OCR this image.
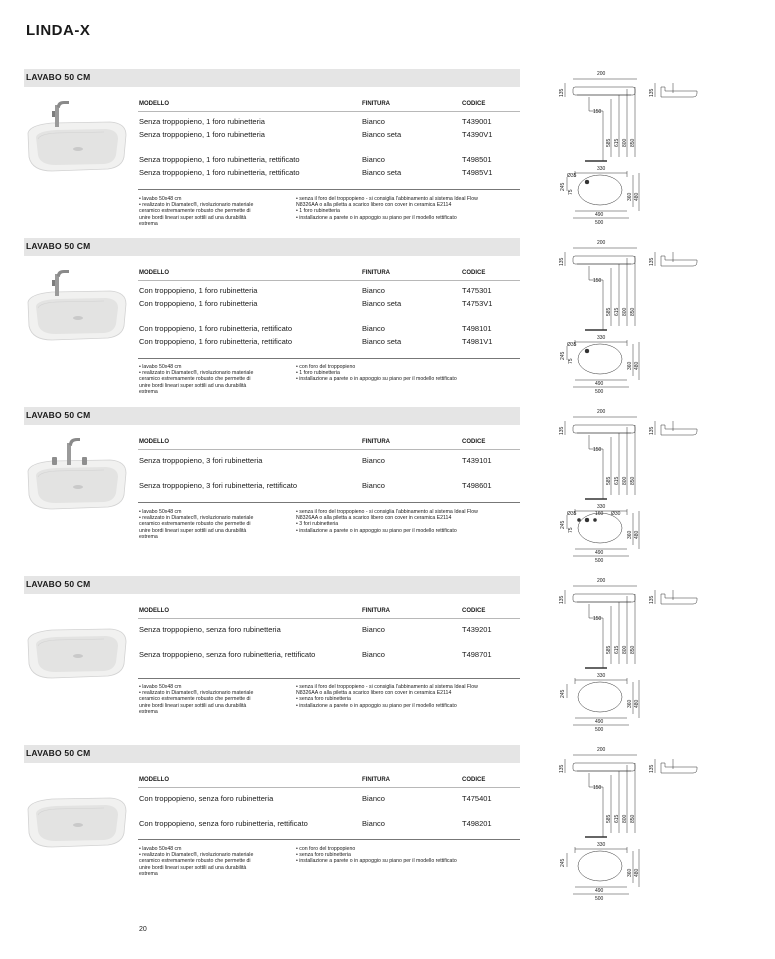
LINDA-X
LAVABO 50 CM
MODELLO	FINITURA	CODICE
Senza troppopieno, 1 foro rubinetteria	Bianco	T439001
Senza troppopieno, 1 foro rubinetteria	Bianco seta	T4390V1
Senza troppopieno, 1 foro rubinetteria, rettificato	Bianco	T498501
Senza troppopieno, 1 foro rubinetteria, rettificato	Bianco seta	T4985V1
• lavabo 50x48 cm
• realizzato in Diamatec®, rivoluzionario materiale
ceramico estremamente robusto che permette di
unire bordi lineari super sottili ad una durabilità
estrema
• senza il foro del troppopieno - si consiglia l'abbinamento al sistema Ideal Flow
N8326AA o alla piletta a scarico libero con cover in ceramica E2114
• 1 foro rubinetteria
• installazione a parete o in appoggio su piano per il modello rettificato
200
135	135
150
585 615 800 850
330
Ø35
245
75
360 480
490
500
LAVABO 50 CM
MODELLO	FINITURA	CODICE
Con troppopieno, 1 foro rubinetteria	Bianco	T475301
Con troppopieno, 1 foro rubinetteria	Bianco seta	T4753V1
Con troppopieno, 1 foro rubinetteria, rettificato	Bianco	T498101
Con troppopieno, 1 foro rubinetteria, rettificato	Bianco seta	T4981V1
• lavabo 50x48 cm
• realizzato in Diamatec®, rivoluzionario materiale
ceramico estremamente robusto che permette di
unire bordi lineari super sottili ad una durabilità
estrema
• con foro del troppopieno
• 1 foro rubinetteria
• installazione a parete o in appoggio su piano per il modello rettificato
200
135	135
150
585 615 800 850
330
Ø35
245
75
360 480
490
500
LAVABO 50 CM
MODELLO	FINITURA	CODICE
Senza troppopieno, 3 fori rubinetteria	Bianco	T439101
Senza troppopieno, 3 fori rubinetteria, rettificato	Bianco	T498601
• lavabo 50x48 cm
• realizzato in Diamatec®, rivoluzionario materiale
ceramico estremamente robusto che permette di
unire bordi lineari super sottili ad una durabilità
estrema
• senza il foro del troppopieno - si consiglia l'abbinamento al sistema Ideal Flow
N8326AA o alla piletta a scarico libero con cover in ceramica E2114
• 3 fori rubinetteria
• installazione a parete o in appoggio su piano per il modello rettificato
200
135	135
150
585 615 800 850
330
Ø35	160 Ø30
245
75
360 480
490
500
LAVABO 50 CM
MODELLO	FINITURA	CODICE
Senza troppopieno, senza foro rubinetteria	Bianco	T439201
Senza troppopieno, senza foro rubinetteria, rettificato	Bianco	T498701
• lavabo 50x48 cm
• realizzato in Diamatec®, rivoluzionario materiale
ceramico estremamente robusto che permette di
unire bordi lineari super sottili ad una durabilità
estrema
• senza il foro del troppopieno - si consiglia l'abbinamento al sistema Ideal Flow
N8326AA o alla piletta a scarico libero con cover in ceramica E2114
• senza foro rubinetteria
• installazione a parete o in appoggio su piano per il modello rettificato
200
135	135
150
585 615 800 850
330
245
360 480
490
500
LAVABO 50 CM
MODELLO	FINITURA	CODICE
Con troppopieno, senza foro rubinetteria	Bianco	T475401
Con troppopieno, senza foro rubinetteria, rettificato	Bianco	T498201
• lavabo 50x48 cm
• realizzato in Diamatec®, rivoluzionario materiale
ceramico estremamente robusto che permette di
unire bordi lineari super sottili ad una durabilità
estrema
• con foro del troppopieno
• senza foro rubinetteria
• installazione a parete o in appoggio su piano per il modello rettificato
200
135	135
150
585 615 800 850
330
245
360 480
490
500
20
